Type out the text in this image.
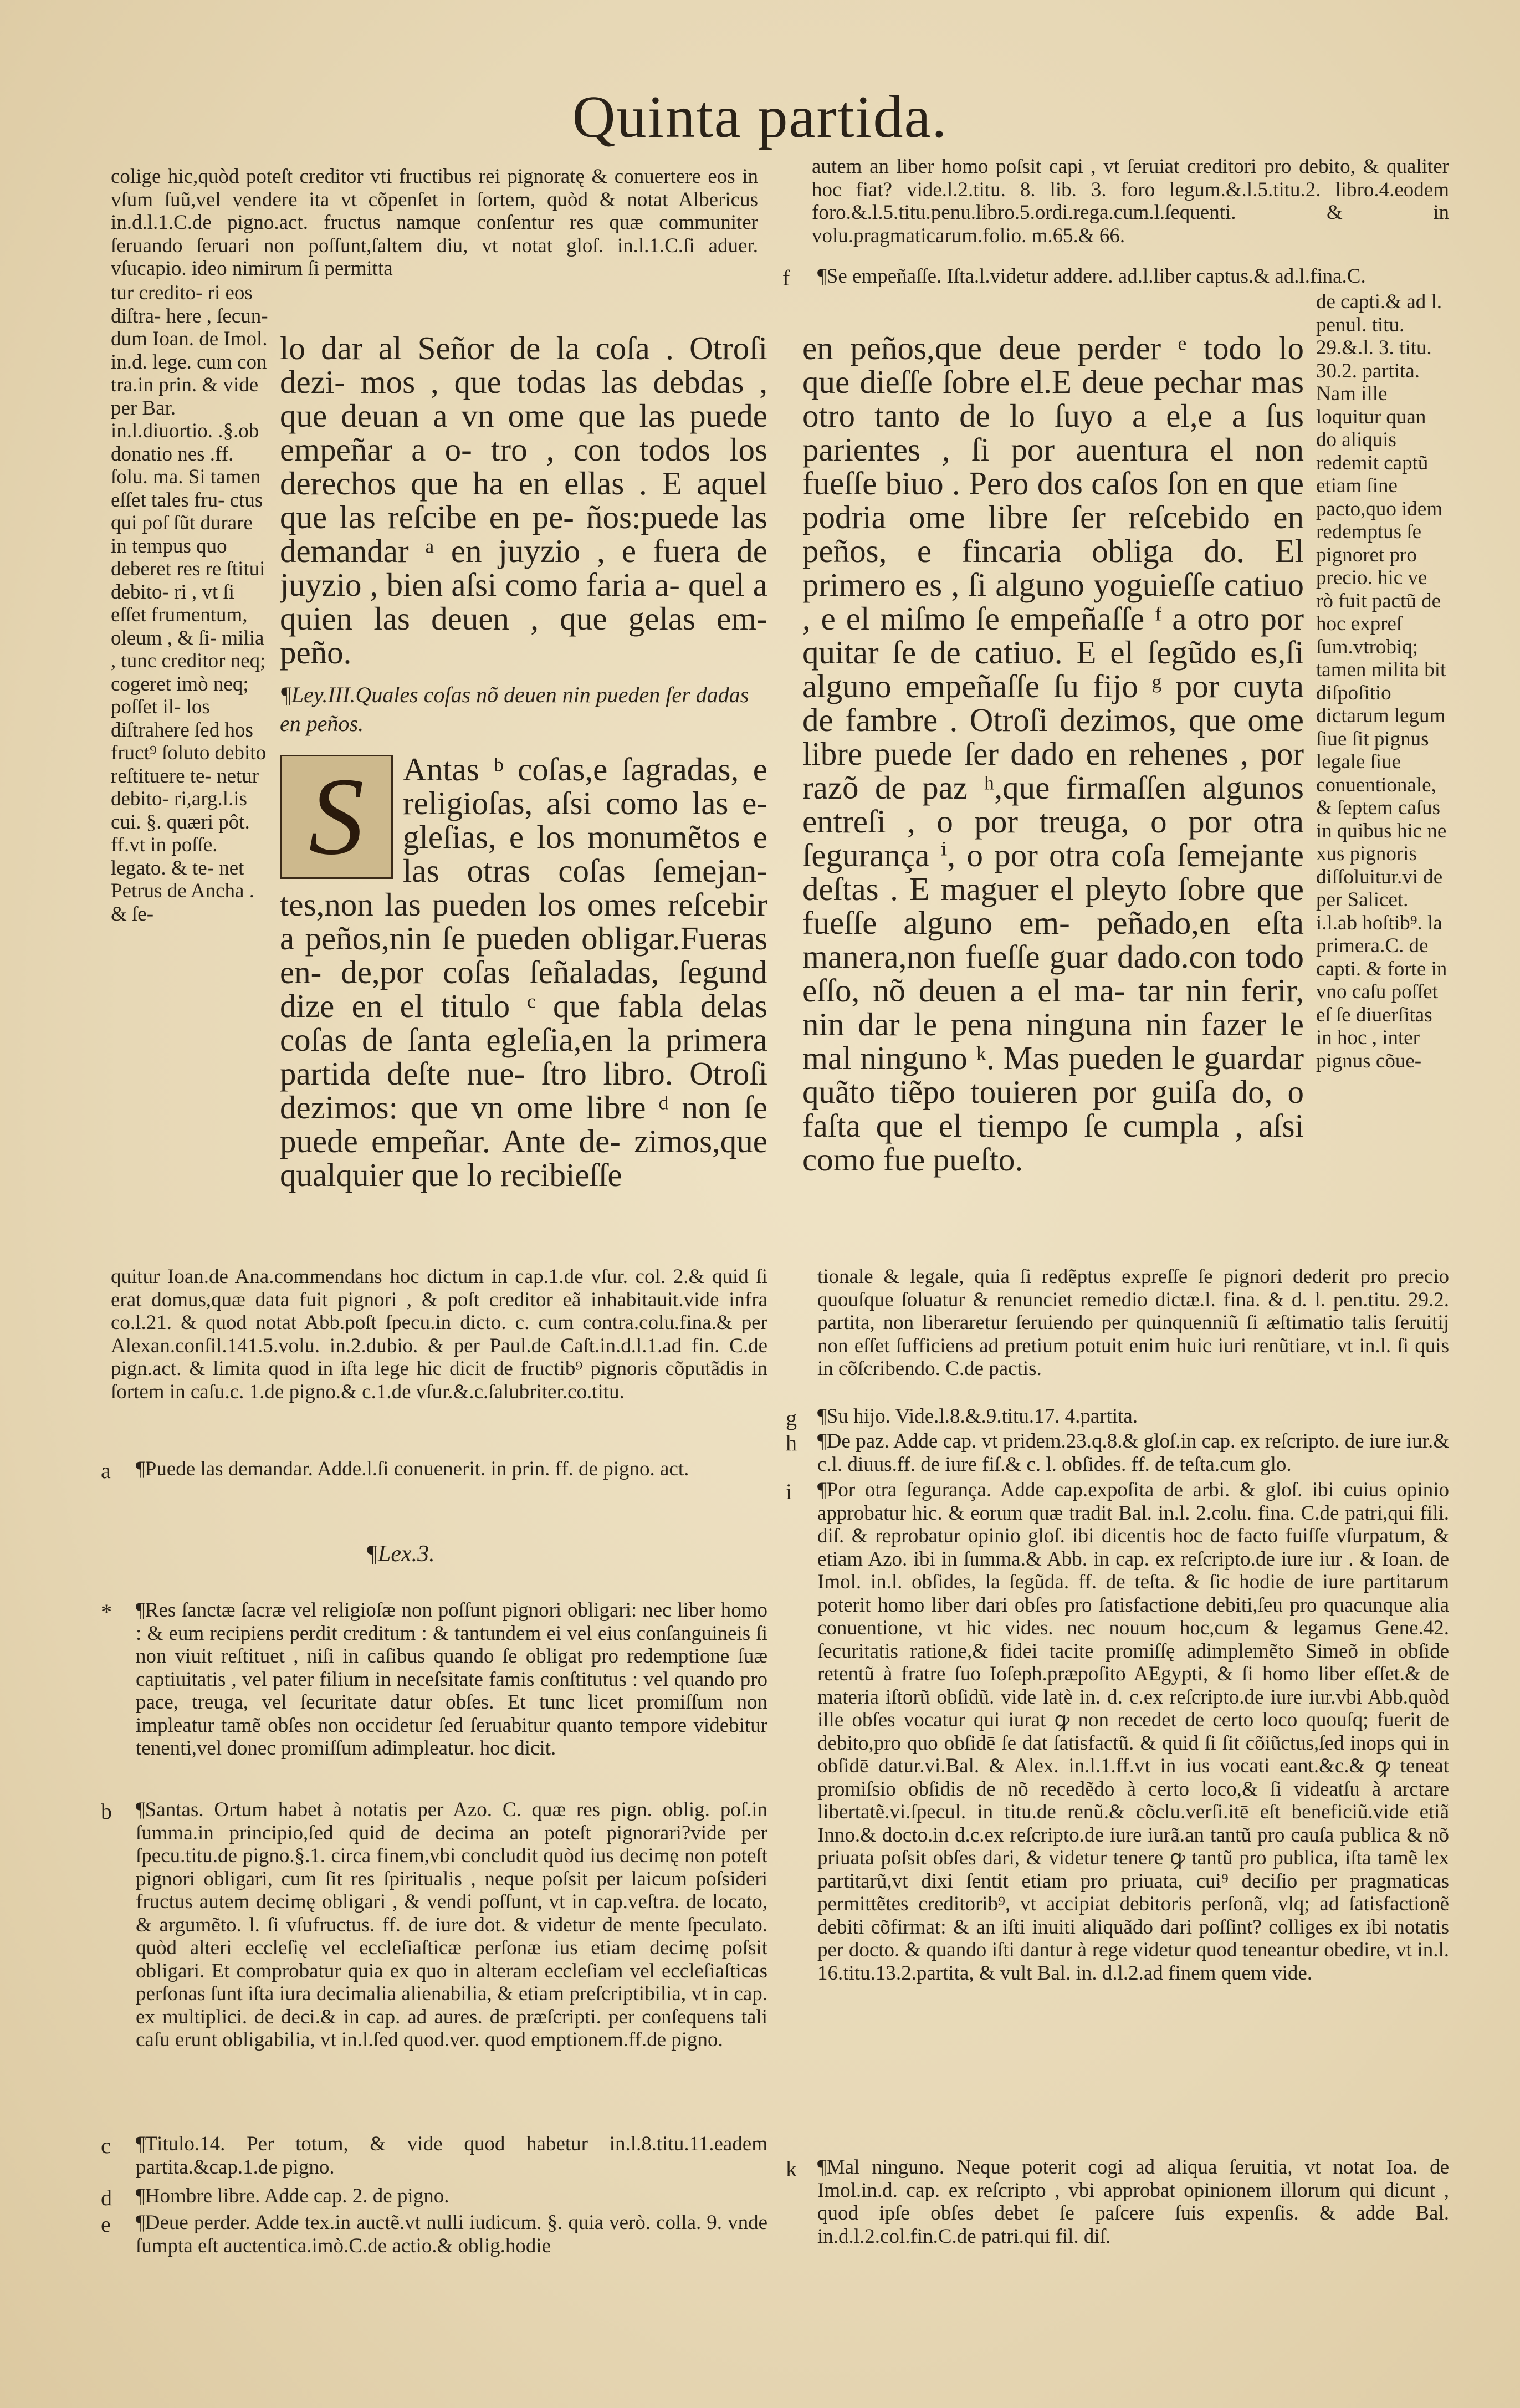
Quinta partida.

colige hic,quòd poteſt creditor vti fructibus rei pignoratę & conuertere eos in vſum ſuũ,vel vendere ita vt cõpenſet in ſortem, quòd & notat Albericus in.d.l.1.C.de pigno.act. fructus namque conſentur res quæ communiter ſeruando ſeruari non poſſunt,ſaltem diu, vt notat gloſ. in.l.1.C.ſi aduer. vſucapio. ideo nimirum ſi permitta

tur credito- ri eos diſtra- here , ſecun- dum Ioan. de Imol. in.d. lege. cum con tra.in prin. & vide per Bar. in.l.diuortio. .§.ob donatio nes .ff. ſolu. ma. Si tamen eſſet tales fru- ctus qui poſ ſũt durare in tempus quo deberet res re ſtitui debito- ri , vt ſi eſſet frumentum, oleum , & ſi- milia , tunc creditor neq; cogeret imò neq; poſſet il- los diſtrahere ſed hos fruct⁹ ſoluto debito reſtituere te- netur debito- ri,arg.l.is cui. §. quæri pôt. ff.vt in poſſe. legato. & te- net Petrus de Ancha . & ſe-

lo dar al Señor de la coſa . Otroſi dezi- mos , que todas las debdas , que deuan a vn ome que las puede empeñar a o- tro , con todos los derechos que ha en ellas . E aquel que las reſcibe en pe- ños:puede las demandar ᵃ en juyzio , e fuera de juyzio , bien aſsi como faria a- quel a quien las deuen , que gelas em- peño.

¶Ley.III.Quales coſas nõ deuen nin pueden ſer dadas en peños.
S	Antas ᵇ coſas,e ſagradas, e religioſas, aſsi como las e- gleſias, e los monumẽtos e las otras coſas ſemejan- tes,non las pueden los omes reſcebir a peños,nin ſe pueden obligar.Fueras en- de,por coſas ſeñaladas, ſegund dize en el titulo ᶜ que fabla delas coſas de ſanta egleſia,en la primera partida deſte nue- ſtro libro. Otroſi dezimos: que vn ome libre ᵈ non ſe puede empeñar. Ante de- zimos,que qualquier que lo recibieſſe

quitur Ioan.de Ana.commendans hoc dictum in cap.1.de vſur. col. 2.& quid ſi erat domus,quæ data fuit pignori , & poſt creditor eã inhabitauit.vide infra co.l.21. & quod notat Abb.poſt ſpecu.in dicto. c. cum contra.colu.fina.& per Alexan.conſil.141.5.volu. in.2.dubio. & per Paul.de Caſt.in.d.l.1.ad fin. C.de pign.act. & limita quod in iſta lege hic dicit de fructib⁹ pignoris cõputãdis in ſortem in caſu.c. 1.de pigno.& c.1.de vſur.&.c.ſalubriter.co.titu.

a ¶Puede las demandar. Adde.l.ſi conuenerit. in prin. ff. de pigno. act.
¶Lex.3.
* ¶Res ſanctæ ſacræ vel religioſæ non poſſunt pignori obligari: nec liber homo : & eum recipiens perdit creditum : & tantundem ei vel eius conſanguineis ſi non viuit reſtituet , niſi in caſibus quando ſe obligat pro redemptione ſuæ captiuitatis , vel pater filium in neceſsitate famis conſtitutus : vel quando pro pace, treuga, vel ſecuritate datur obſes. Et tunc licet promiſſum non impleatur tamẽ obſes non occidetur ſed ſeruabitur quanto tempore videbitur tenenti,vel donec promiſſum adimpleatur. hoc dicit.
b ¶Santas. Ortum habet à notatis per Azo. C. quæ res pign. oblig. poſ.in ſumma.in principio,ſed quid de decima an poteſt pignorari?vide per ſpecu.titu.de pigno.§.1. circa finem,vbi concludit quòd ius decimę non poteſt pignori obligari, cum ſit res ſpiritualis , neque poſsit per laicum poſsideri fructus autem decimę obligari , & vendi poſſunt, vt in cap.veſtra. de locato, & argumẽto. l. ſi vſufructus. ff. de iure dot. & videtur de mente ſpeculato. quòd alteri eccleſię vel eccleſiaſticæ perſonæ ius etiam decimę poſsit obligari. Et comprobatur quia ex quo in alteram eccleſiam vel eccleſiaſticas perſonas ſunt iſta iura decimalia alienabilia, & etiam preſcriptibilia, vt in cap. ex multiplici. de deci.& in cap. ad aures. de præſcripti. per conſequens tali caſu erunt obligabilia, vt in.l.ſed quod.ver. quod emptionem.ff.de pigno.
c ¶Titulo.14. Per totum, & vide quod habetur in.l.8.titu.11.eadem partita.&cap.1.de pigno.
d ¶Hombre libre. Adde cap. 2. de pigno.
e ¶Deue perder. Adde tex.in auctẽ.vt nulli iudicum. §. quia verò. colla. 9. vnde ſumpta eſt auctentica.imò.C.de actio.& oblig.hodie

autem an liber homo poſsit capi , vt ſeruiat creditori pro debito, & qualiter hoc fiat? vide.l.2.titu. 8. lib. 3. foro legum.&.l.5.titu.2. libro.4.eodem foro.&.l.5.titu.penu.libro.5.ordi.rega.cum.l.ſequenti. & in volu.pragmaticarum.folio. m.65.& 66.

f ¶Se empeñaſſe. Iſta.l.videtur addere. ad.l.liber captus.& ad.l.fina.C.

de capti.& ad l. penul. titu. 29.&.l. 3. titu. 30.2. partita. Nam ille loquitur quan do aliquis redemit captũ etiam ſine pacto,quo idem redemptus ſe pignoret pro precio. hic ve rò fuit pactũ de hoc expreſ ſum.vtrobiq; tamen milita bit diſpoſitio dictarum legum ſiue ſit pignus legale ſiue conuentionale, & ſeptem caſus in quibus hic ne xus pignoris diſſoluitur.vi de per Salicet. i.l.ab hoſtib⁹. la primera.C. de capti. & forte in vno caſu poſſet eſ ſe diuerſitas in hoc , inter pignus cõue-

en peños,que deue perder ᵉ todo lo que dieſſe ſobre el.E deue pechar mas otro tanto de lo ſuyo a el,e a ſus parientes , ſi por auentura el non fueſſe biuo . Pero dos caſos ſon en que podria ome libre ſer reſcebido en peños, e fincaria obliga do. El primero es , ſi alguno yoguieſſe catiuo , e el miſmo ſe empeñaſſe ᶠ a otro por quitar ſe de catiuo. E el ſegũdo es,ſi alguno empeñaſſe ſu fijo ᵍ por cuyta de fambre . Otroſi dezimos, que ome libre puede ſer dado en rehenes , por razõ de paz ʰ,que firmaſſen algunos entreſi , o por treuga, o por otra ſegurança ⁱ, o por otra coſa ſemejante deſtas . E maguer el pleyto ſobre que fueſſe alguno em- peñado,en eſta manera,non fueſſe guar dado.con todo eſſo, nõ deuen a el ma- tar nin ferir, nin dar le pena ninguna nin fazer le mal ninguno ᵏ. Mas pueden le guardar quãto tiẽpo touieren por guiſa do, o faſta que el tiempo ſe cumpla , aſsi como fue pueſto.

tionale & legale, quia ſi redẽptus expreſſe ſe pignori dederit pro precio quouſque ſoluatur & renunciet remedio dictæ.l. fina. & d. l. pen.titu. 29.2. partita, non liberaretur ſeruiendo per quinquenniũ ſi æſtimatio talis ſeruitij non eſſet ſufficiens ad pretium potuit enim huic iuri renũtiare, vt in.l. ſi quis in cõſcribendo. C.de pactis.

g ¶Su hijo. Vide.l.8.&.9.titu.17. 4.partita.
h ¶De paz. Adde cap. vt pridem.23.q.8.& gloſ.in cap. ex reſcripto. de iure iur.& c.l. diuus.ff. de iure fiſ.& c. l. obſides. ff. de teſta.cum glo.
i ¶Por otra ſegurança. Adde cap.expoſita de arbi. & gloſ. ibi cuius opinio approbatur hic. & eorum quæ tradit Bal. in.l. 2.colu. fina. C.de patri,qui fili. diſ. & reprobatur opinio gloſ. ibi dicentis hoc de facto fuiſſe vſurpatum, & etiam Azo. ibi in ſumma.& Abb. in cap. ex reſcripto.de iure iur . & Ioan. de Imol. in.l. obſides, la ſegũda. ff. de teſta. & ſic hodie de iure partitarum poterit homo liber dari obſes pro ſatisfactione debiti,ſeu pro quacunque alia conuentione, vt hic vides. nec nouum hoc,cum & legamus Gene.42. ſecuritatis ratione,& fidei tacite promiſſę adimplemẽto Simeõ in obſide retentũ à fratre ſuo Ioſeph.præpoſito AEgypti, & ſi homo liber eſſet.& de materia iſtorũ obſidũ. vide latè in. d. c.ex reſcripto.de iure iur.vbi Abb.quòd ille obſes vocatur qui iurat ꝙ non recedet de certo loco quouſq; fuerit de debito,pro quo obſidē ſe dat ſatisfactũ. & quid ſi ſit cõiũctus,ſed inops qui in obſidē datur.vi.Bal. & Alex. in.l.1.ff.vt in ius vocati eant.&c.& ꝙ teneat promiſsio obſidis de nõ recedẽdo à certo loco,& ſi videatſu à arctare libertatẽ.vi.ſpecul. in titu.de renũ.& cõclu.verſi.itē eſt beneficiũ.vide etiã Inno.& docto.in d.c.ex reſcripto.de iure iurã.an tantũ pro cauſa publica & nõ priuata poſsit obſes dari, & videtur tenere ꝙ tantũ pro publica, iſta tamẽ lex partitarũ,vt dixi ſentit etiam pro priuata, cui⁹ deciſio per pragmaticas permittẽtes creditorib⁹, vt accipiat debitoris perſonã, vlq; ad ſatisfactionẽ debiti cõfirmat: & an iſti inuiti aliquãdo dari poſſint? colliges ex ibi notatis per docto. & quando iſti dantur à rege videtur quod teneantur obedire, vt in.l. 16.titu.13.2.partita, & vult Bal. in. d.l.2.ad finem quem vide.
k ¶Mal ninguno. Neque poterit cogi ad aliqua ſeruitia, vt notat Ioa. de Imol.in.d. cap. ex reſcripto , vbi approbat opinionem illorum qui dicunt , quod ipſe obſes debet ſe paſcere ſuis expenſis. & adde Bal. in.d.l.2.col.fin.C.de patri.qui fil. diſ.
